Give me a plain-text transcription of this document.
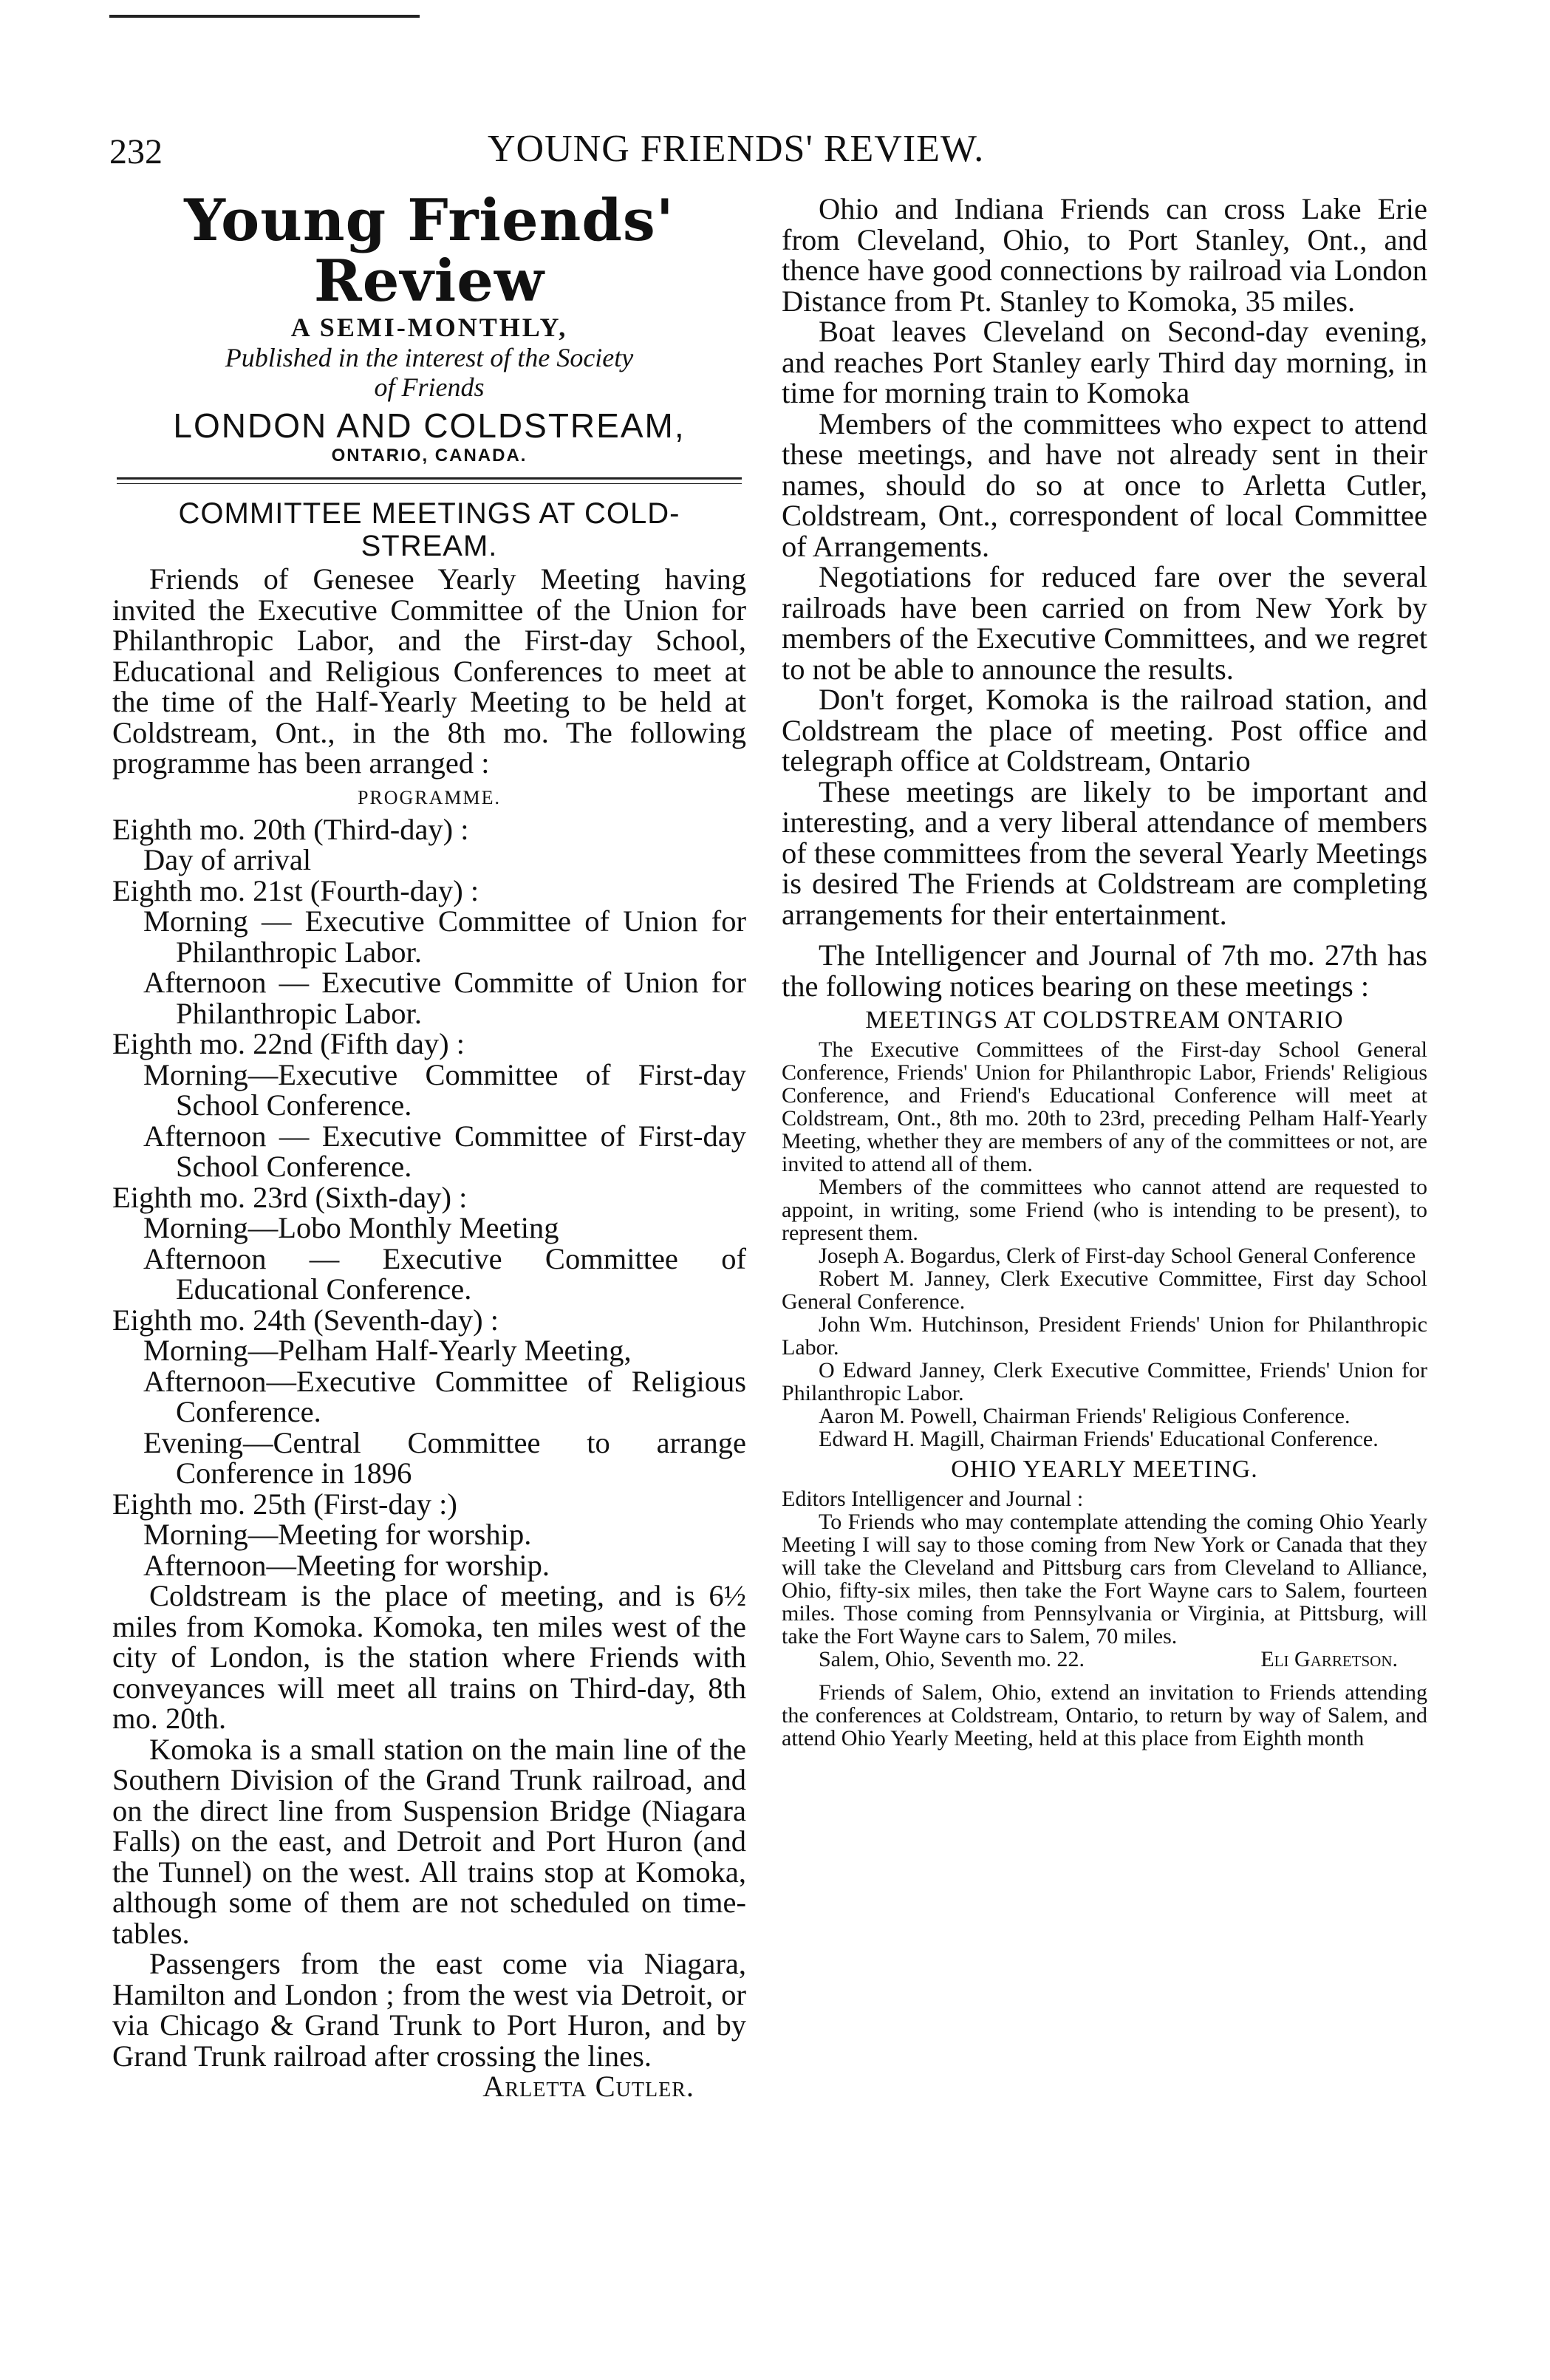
232	YOUNG FRIENDS' REVIEW.
Young Friends' Review
A SEMI-MONTHLY,
Published in the interest of the Society
of Friends
LONDON AND COLDSTREAM,
ONTARIO, CANADA.
COMMITTEE MEETINGS AT COLD-
STREAM.

Friends of Genesee Yearly Meeting having invited the Executive Committee of the Union for Philanthropic Labor, and the First-day School, Educational and Religious Conferences to meet at the time of the Half-Yearly Meeting to be held at Coldstream, Ont., in the 8th mo. The following programme has been arranged :

PROGRAMME.

Eighth mo. 20th (Third-day) :

Day of arrival

Eighth mo. 21st (Fourth-day) :

Morning — Executive Committee of Union for Philanthropic Labor.

Afternoon — Executive Committe of Union for Philanthropic Labor.

Eighth mo. 22nd (Fifth day) :

Morning—Executive Committee of First-day School Conference.

Afternoon — Executive Committee of First-day School Conference.

Eighth mo. 23rd (Sixth-day) :

Morning—Lobo Monthly Meeting

Afternoon — Executive Committee of Educational Conference.

Eighth mo. 24th (Seventh-day) :

Morning—Pelham Half-Yearly Meeting,

Afternoon—Executive Committee of Religious Conference.

Evening—Central Committee to arrange Conference in 1896

Eighth mo. 25th (First-day :)

Morning—Meeting for worship.

Afternoon—Meeting for worship.

Coldstream is the place of meeting, and is 6½ miles from Komoka. Komoka, ten miles west of the city of London, is the station where Friends with conveyances will meet all trains on Third-day, 8th mo. 20th.

Komoka is a small station on the main line of the Southern Division of the Grand Trunk railroad, and on the direct line from Suspension Bridge (Niagara Falls) on the east, and Detroit and Port Huron (and the Tunnel) on the west. All trains stop at Komoka, although some of them are not scheduled on time-tables.

Passengers from the east come via Niagara, Hamilton and London ; from the west via Detroit, or via Chicago & Grand Trunk to Port Huron, and by Grand Trunk railroad after crossing the lines.

Arletta Cutler.

Ohio and Indiana Friends can cross Lake Erie from Cleveland, Ohio, to Port Stanley, Ont., and thence have good connections by railroad via London Distance from Pt. Stanley to Komoka, 35 miles.

Boat leaves Cleveland on Second-day evening, and reaches Port Stanley early Third day morning, in time for morning train to Komoka

Members of the committees who expect to attend these meetings, and have not already sent in their names, should do so at once to Arletta Cutler, Coldstream, Ont., correspondent of local Committee of Arrangements.

Negotiations for reduced fare over the several railroads have been carried on from New York by members of the Executive Committees, and we regret to not be able to announce the results.

Don't forget, Komoka is the railroad station, and Coldstream the place of meeting. Post office and telegraph office at Coldstream, Ontario

These meetings are likely to be important and interesting, and a very liberal attendance of members of these committees from the several Yearly Meetings is desired The Friends at Coldstream are completing arrangements for their entertainment.

The Intelligencer and Journal of 7th mo. 27th has the following notices bearing on these meetings :

MEETINGS AT COLDSTREAM ONTARIO

The Executive Committees of the First-day School General Conference, Friends' Union for Philanthropic Labor, Friends' Religious Conference, and Friend's Educational Conference will meet at Coldstream, Ont., 8th mo. 20th to 23rd, preceding Pelham Half-Yearly Meeting, whether they are members of any of the committees or not, are invited to attend all of them.

Members of the committees who cannot attend are requested to appoint, in writing, some Friend (who is intending to be present), to represent them.

Joseph A. Bogardus, Clerk of First-day School General Conference

Robert M. Janney, Clerk Executive Committee, First day School General Conference.

John Wm. Hutchinson, President Friends' Union for Philanthropic Labor.

O Edward Janney, Clerk Executive Committee, Friends' Union for Philanthropic Labor.

Aaron M. Powell, Chairman Friends' Religious Conference.

Edward H. Magill, Chairman Friends' Educational Conference.

OHIO YEARLY MEETING.

Editors Intelligencer and Journal :

To Friends who may contemplate attending the coming Ohio Yearly Meeting I will say to those coming from New York or Canada that they will take the Cleveland and Pittsburg cars from Cleveland to Alliance, Ohio, fifty-six miles, then take the Fort Wayne cars to Salem, fourteen miles. Those coming from Pennsylvania or Virginia, at Pittsburg, will take the Fort Wayne cars to Salem, 70 miles.

Salem, Ohio, Seventh mo. 22.	Eli Garretson.

Friends of Salem, Ohio, extend an invitation to Friends attending the conferences at Coldstream, Ontario, to return by way of Salem, and attend Ohio Yearly Meeting, held at this place from Eighth month
